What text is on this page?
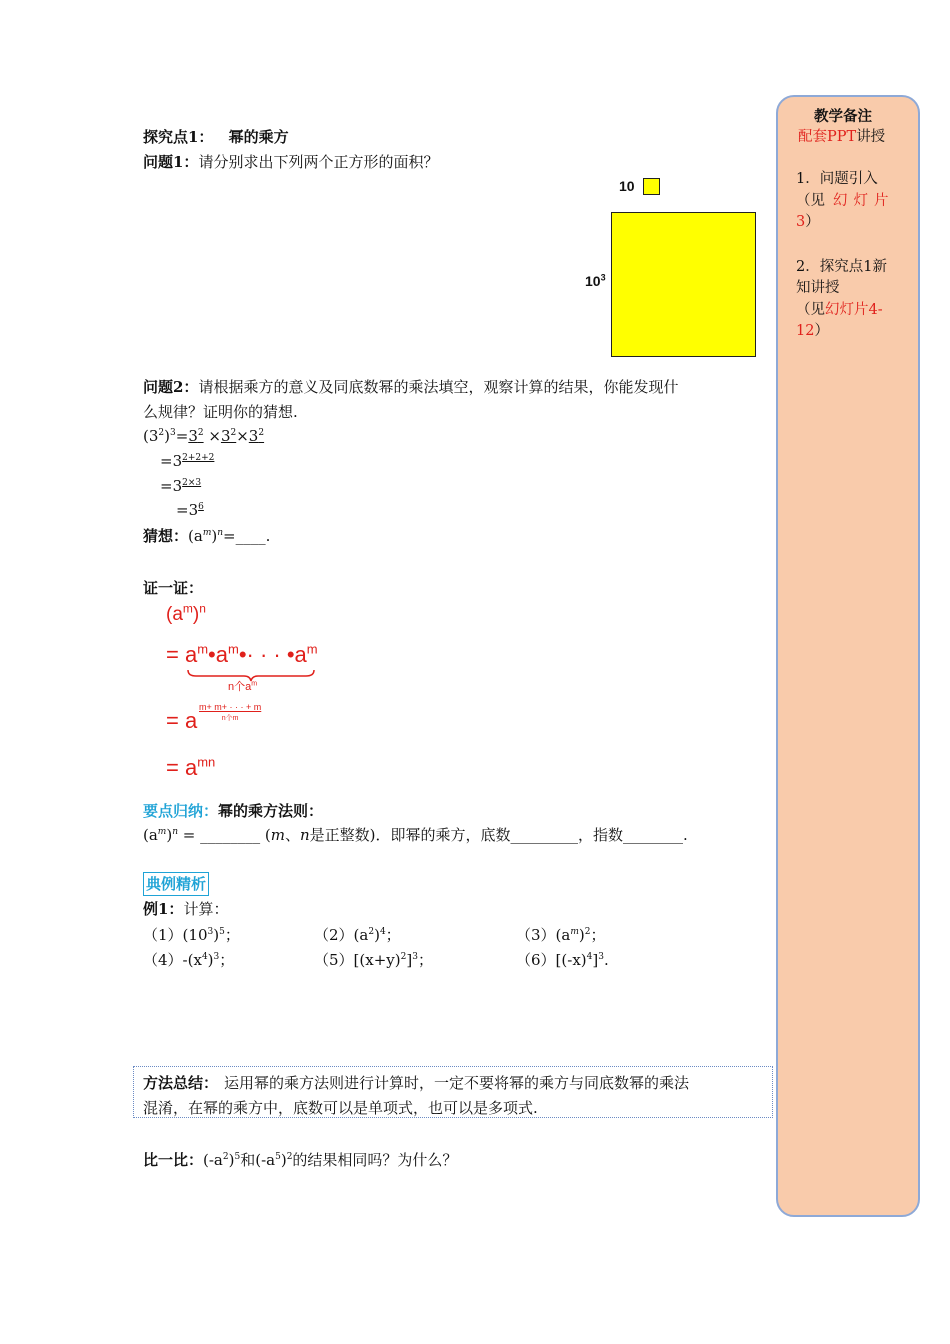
探究点1： 幂的乘方
问题1：请分别求出下列两个正方形的面积？
10
$10^3$
问题2：请根据乘方的意义及同底数幂的乘法填空，观察计算的结果，你能发现什
么规律？证明你的猜想.
$(3^2)^3=3^2 \times 3^2\times 3^2$
$=3^{2+2+2}$
$=3^{2\times 3}$
$=3^6$
猜想：$(a^m)^n=\_\_\_\_$.
证一证：
$(a^m)^n$
= $a^m•a^m•\cdot$ · · $•a^m$
n个$a^m$
= a
m+ m+ · · · + m
n个m
= $a^{mn}$
要点归纳：幂的乘方法则：
$(a^m)^n$ = ________ (m、n是正整数)．即幂的乘方，底数_________，指数________.
典例精析
例1：计算：
$(1)(10^3)^5$；	$(2)(a^2)^4$；	$(3)(a^m)^2$；
$(4)-(x^4)^3$；	$(5)[(x+y)^2]^3$；	$(6)[(-x)^4]^3$.
方法总结： 运用幂的乘方法则进行计算时，一定不要将幂的乘方与同底数幂的乘法
混淆，在幂的乘方中，底数可以是单项式，也可以是多项式.
比一比：$(-a^2)^5$和$(-a^5)^2$的结果相同吗？为什么？
教学备注
配套PPT讲授
1．问题引入
（见 幻灯片
3）
2．探究点1新
知讲授
（见幻灯片4-
12）
